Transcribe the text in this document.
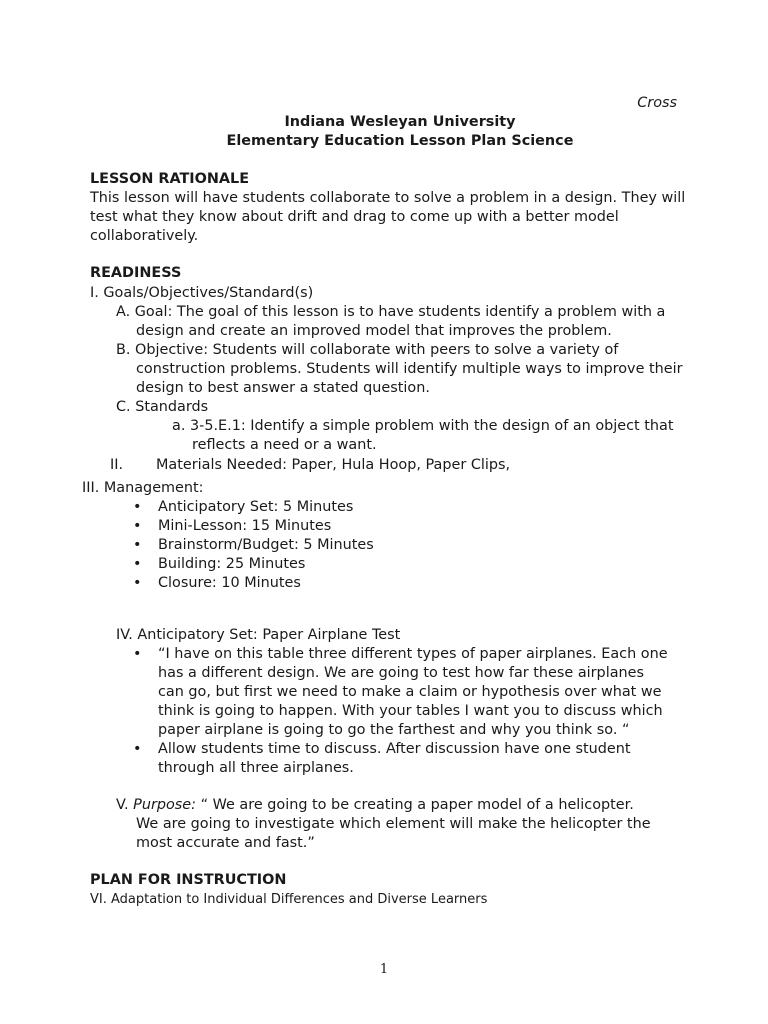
Cross
Indiana Wesleyan University
Elementary Education Lesson Plan Science
LESSON RATIONALE
This lesson will have students collaborate to solve a problem in a design. They will
test what they know about drift and drag to come up with a better model
collaboratively.
READINESS
I. Goals/Objectives/Standard(s)
A. Goal: The goal of this lesson is to have students identify a problem with a
design and create an improved model that improves the problem.
B. Objective: Students will collaborate with peers to solve a variety of
construction problems. Students will identify multiple ways to improve their
design to best answer a stated question.
C. Standards
a. 3-5.E.1: Identify a simple problem with the design of an object that
reflects a need or a want.
II. Materials Needed: Paper, Hula Hoop, Paper Clips,
III. Management:
• Anticipatory Set: 5 Minutes
• Mini-Lesson: 15 Minutes
• Brainstorm/Budget: 5 Minutes
• Building: 25 Minutes
• Closure: 10 Minutes
IV. Anticipatory Set: Paper Airplane Test
• “I have on this table three different types of paper airplanes. Each one
has a different design. We are going to test how far these airplanes
can go, but first we need to make a claim or hypothesis over what we
think is going to happen. With your tables I want you to discuss which
paper airplane is going to go the farthest and why you think so. “
• Allow students time to discuss. After discussion have one student
through all three airplanes.
V. Purpose: “ We are going to be creating a paper model of a helicopter.
We are going to investigate which element will make the helicopter the
most accurate and fast.”
PLAN FOR INSTRUCTION
VI. Adaptation to Individual Differences and Diverse Learners
1
